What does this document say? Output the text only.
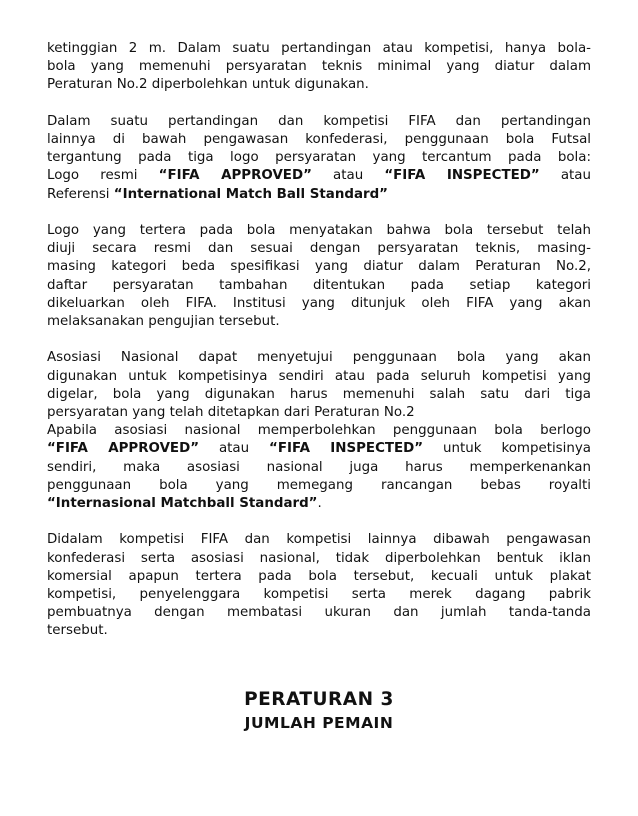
ketinggian 2 m. Dalam suatu pertandingan atau kompetisi, hanya bola-
bola yang memenuhi persyaratan teknis minimal yang diatur dalam
Peraturan No.2 diperbolehkan untuk digunakan.

Dalam suatu pertandingan dan kompetisi FIFA dan pertandingan
lainnya di bawah pengawasan konfederasi, penggunaan bola Futsal
tergantung pada tiga logo persyaratan yang tercantum pada bola:
Logo resmi “FIFA APPROVED” atau “FIFA INSPECTED” atau
Referensi “International Match Ball Standard”

Logo yang tertera pada bola menyatakan bahwa bola tersebut telah
diuji secara resmi dan sesuai dengan persyaratan teknis, masing-
masing kategori beda spesifikasi yang diatur dalam Peraturan No.2,
daftar persyaratan tambahan ditentukan pada setiap kategori
dikeluarkan oleh FIFA. Institusi yang ditunjuk oleh FIFA yang akan
melaksanakan pengujian tersebut.

Asosiasi Nasional dapat menyetujui penggunaan bola yang akan
digunakan untuk kompetisinya sendiri atau pada seluruh kompetisi yang
digelar, bola yang digunakan harus memenuhi salah satu dari tiga
persyaratan yang telah ditetapkan dari Peraturan No.2
Apabila asosiasi nasional memperbolehkan penggunaan bola berlogo
“FIFA APPROVED” atau “FIFA INSPECTED” untuk kompetisinya
sendiri, maka asosiasi nasional juga harus memperkenankan
penggunaan bola yang memegang rancangan bebas royalti
“Internasional Matchball Standard”.

Didalam kompetisi FIFA dan kompetisi lainnya dibawah pengawasan
konfederasi serta asosiasi nasional, tidak diperbolehkan bentuk iklan
komersial apapun tertera pada bola tersebut, kecuali untuk plakat
kompetisi, penyelenggara kompetisi serta merek dagang pabrik
pembuatnya dengan membatasi ukuran dan jumlah tanda-tanda
tersebut.

PERATURAN 3
JUMLAH PEMAIN
